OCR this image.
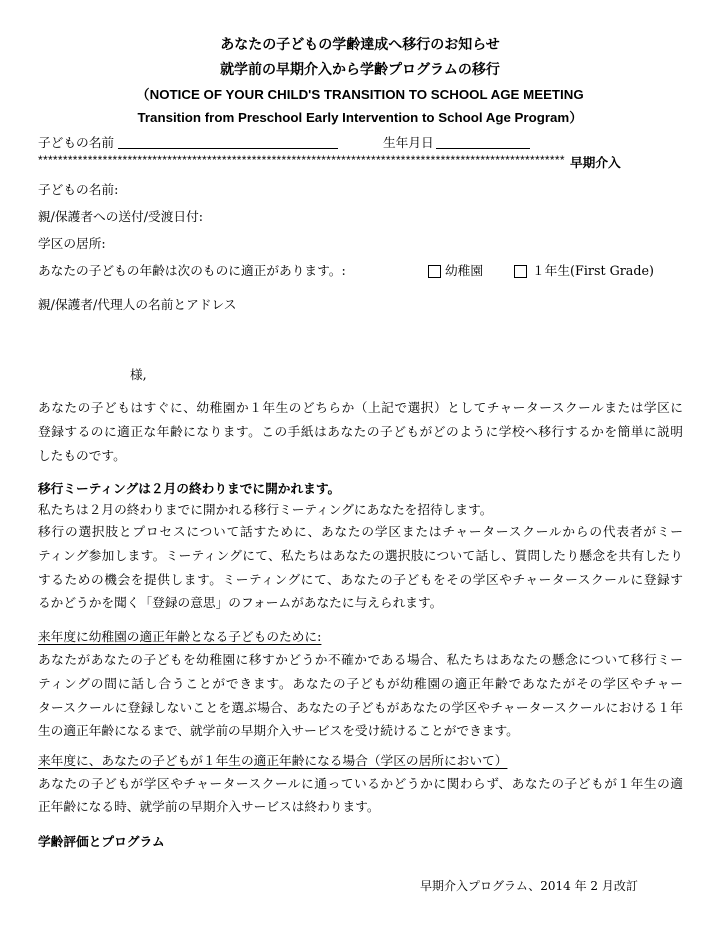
あなたの子どもの学齢達成へ移行のお知らせ
就学前の早期介入から学齢プログラムの移行
（NOTICE OF YOUR CHILD'S TRANSITION TO SCHOOL AGE MEETING
Transition from Preschool Early Intervention to School Age Program）
子どもの名前	生年月日
********************************************************************************************************** 早期介入
子どもの名前:
親/保護者への送付/受渡日付:
学区の居所:
あなたの子どもの年齢は次のものに適正があります。:	幼稚園	１年生(First Grade)
親/保護者/代理人の名前とアドレス
様,
あなたの子どもはすぐに、幼稚園か１年生のどちらか（上記で選択）としてチャータースクールまたは学区に
登録するのに適正な年齢になります。この手紙はあなたの子どもがどのように学校へ移行するかを簡単に説明
したものです。
移行ミーティングは２月の終わりまでに開かれます。
私たちは２月の終わりまでに開かれる移行ミーティングにあなたを招待します。
移行の選択肢とプロセスについて話すために、あなたの学区またはチャータースクールからの代表者がミー
ティング参加します。ミーティングにて、私たちはあなたの選択肢について話し、質問したり懸念を共有したり
するための機会を提供します。ミーティングにて、あなたの子どもをその学区やチャータースクールに登録す
るかどうかを聞く「登録の意思」のフォームがあなたに与えられます。
来年度に幼稚園の適正年齢となる子どものために:
あなたがあなたの子どもを幼稚園に移すかどうか不確かである場合、私たちはあなたの懸念について移行ミー
ティングの間に話し合うことができます。あなたの子どもが幼稚園の適正年齢であなたがその学区やチャー
タースクールに登録しないことを選ぶ場合、あなたの子どもがあなたの学区やチャータースクールにおける１年
生の適正年齢になるまで、就学前の早期介入サービスを受け続けることができます。
来年度に、あなたの子どもが１年生の適正年齢になる場合（学区の居所において）
あなたの子どもが学区やチャータースクールに通っているかどうかに関わらず、あなたの子どもが１年生の適
正年齢になる時、就学前の早期介入サービスは終わります。
学齢評価とプログラム
早期介入プログラム、2014 年 2 月改訂
